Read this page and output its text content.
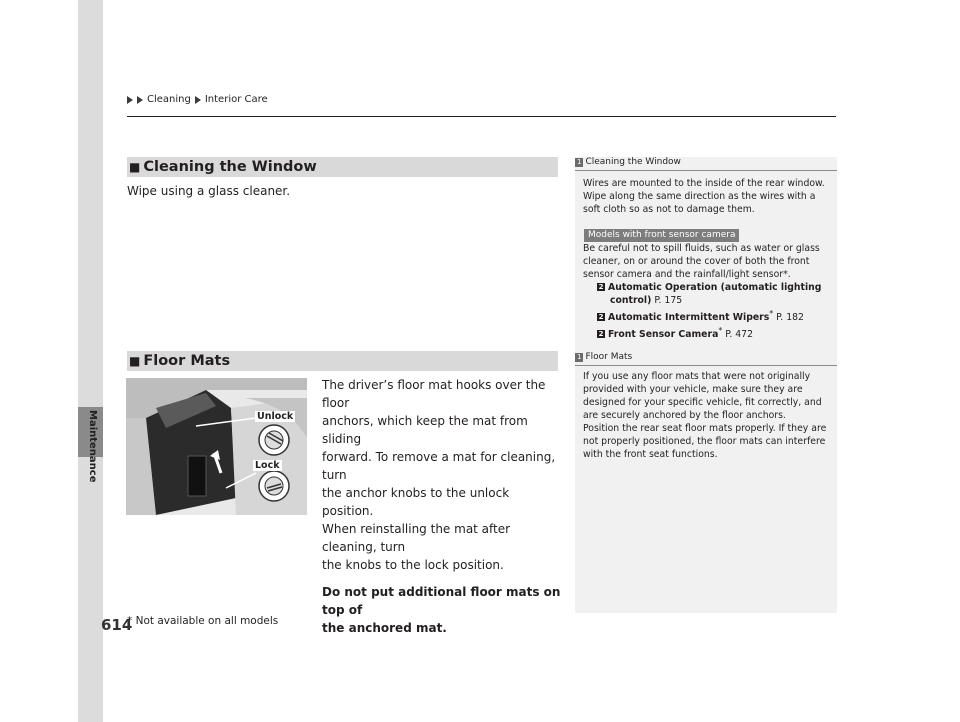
Maintenance
Cleaning Interior Care
■ Cleaning the Window
Wipe using a glass cleaner.
■ Floor Mats
Unlock
Lock
The driver’s floor mat hooks over the floor
anchors, which keep the mat from sliding
forward. To remove a mat for cleaning, turn
the anchor knobs to the unlock position.
When reinstalling the mat after cleaning, turn
the knobs to the lock position.
Do not put additional floor mats on top of
the anchored mat.
1 Cleaning the Window
Wires are mounted to the inside of the rear window.
Wipe along the same direction as the wires with a
soft cloth so as not to damage them.
Models with front sensor camera
Be careful not to spill fluids, such as water or glass
cleaner, on or around the cover of both the front
sensor camera and the rainfall/light sensor*.
2 Automatic Operation (automatic lighting
control) P. 175
2 Automatic Intermittent Wipers* P. 182
2 Front Sensor Camera* P. 472
1 Floor Mats
If you use any floor mats that were not originally
provided with your vehicle, make sure they are
designed for your specific vehicle, fit correctly, and
are securely anchored by the floor anchors.
Position the rear seat floor mats properly. If they are
not properly positioned, the floor mats can interfere
with the front seat functions.
614
* Not available on all models
